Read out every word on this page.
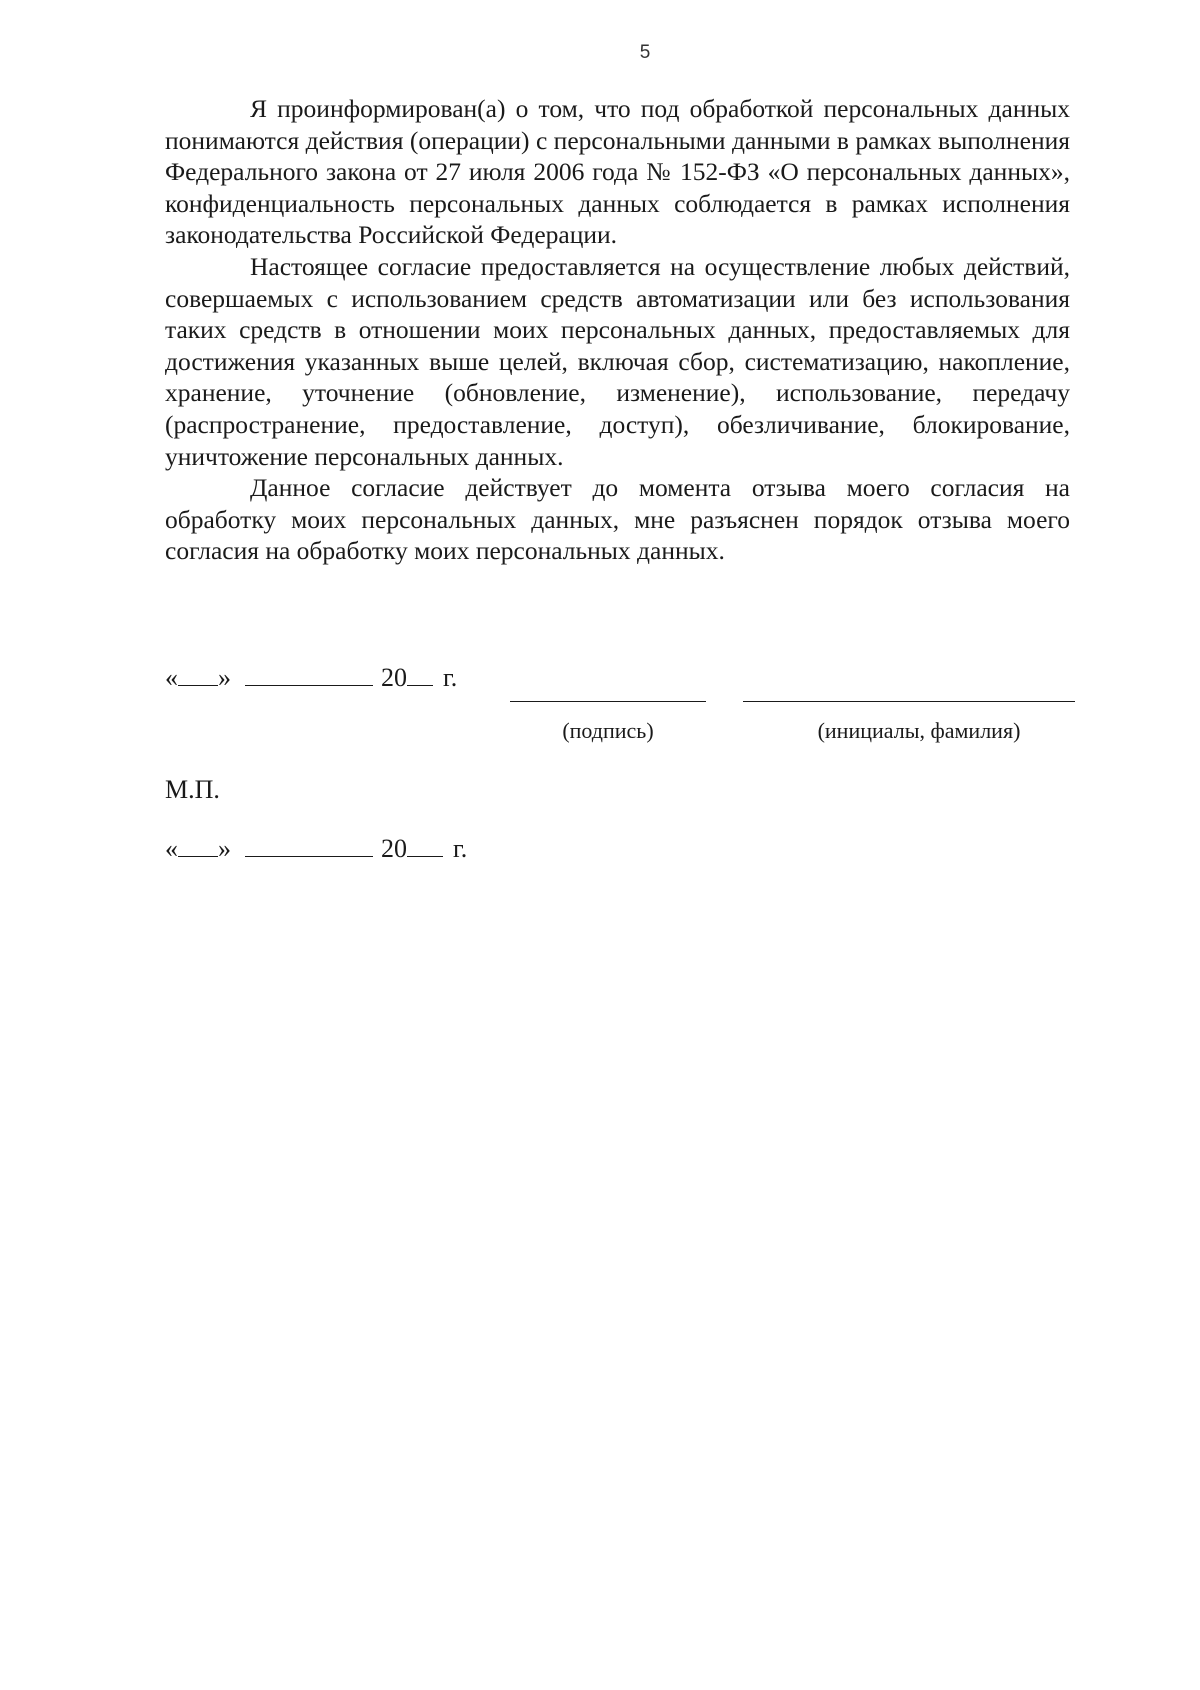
5

Я проинформирован(а) о том, что под обработкой персональных данных понимаются действия (операции) с персональными данными в рамках выполнения Федерального закона от 27 июля 2006 года № 152-ФЗ «О персональных данных», конфиденциальность персональных данных соблюдается в рамках исполнения законодательства Российской Федерации.

Настоящее согласие предоставляется на осуществление любых действий, совершаемых с использованием средств автоматизации или без использования таких средств в отношении моих персональных данных, предоставляемых для достижения указанных выше целей, включая сбор, систематизацию, накопление, хранение, уточнение (обновление, изменение), использование, передачу (распространение, предоставление, доступ), обезличивание, блокирование, уничтожение персональных данных.

Данное согласие действует до момента отзыва моего согласия на обработку моих персональных данных, мне разъяснен порядок отзыва моего согласия на обработку моих персональных данных.

« »	20 г.
(подпись)	(инициалы, фамилия)
М.П.
« »	20 г.
